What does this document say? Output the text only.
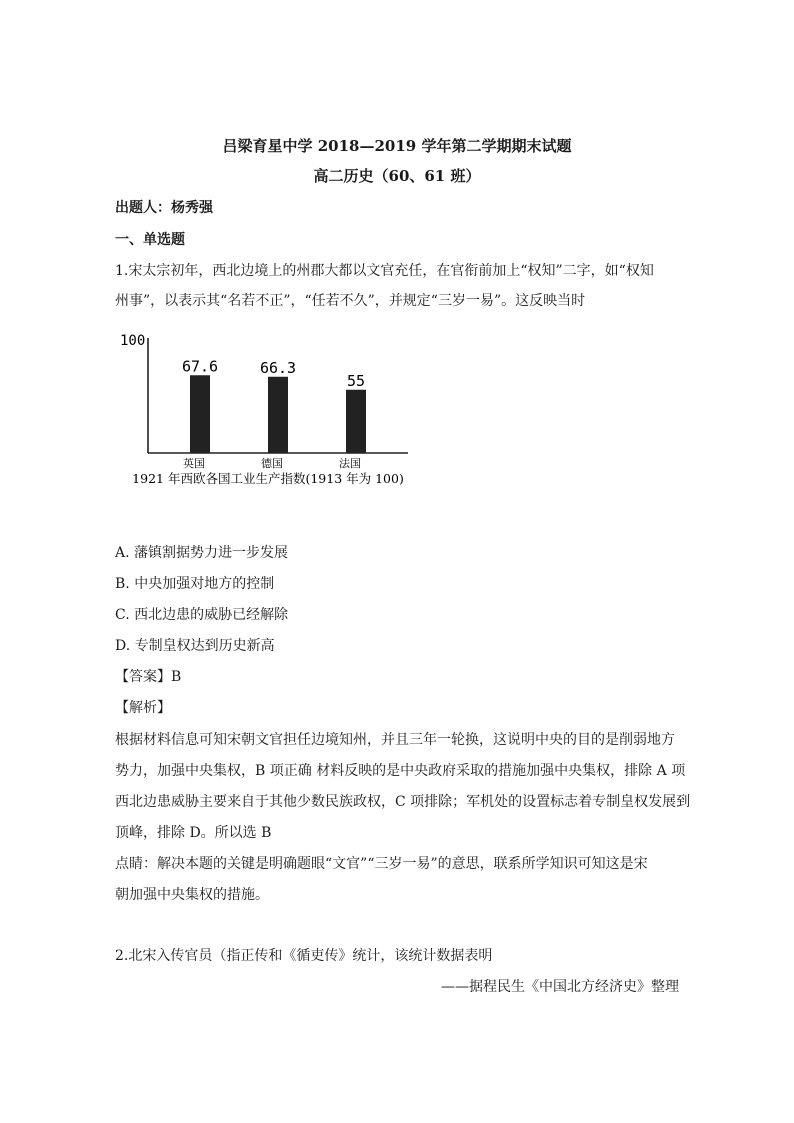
吕梁育星中学 2018—2019 学年第二学期期末试题
高二历史（60、61 班）
出题人：杨秀强
一、单选题
1.宋太宗初年，西北边境上的州郡大都以文官充任，在官衔前加上“权知”二字，如“权知
州事”，以表示其“名若不正”，“任若不久”，并规定“三岁一易”。这反映当时
100
67.6
英国
66.3
德国
55
法国
1921 年西欧各国工业生产指数(1913 年为 100)
A. 藩镇割据势力进一步发展
B. 中央加强对地方的控制
C. 西北边患的威胁已经解除
D. 专制皇权达到历史新高
【答案】B
【解析】
根据材料信息可知宋朝文官担任边境知州，并且三年一轮换，这说明中央的目的是削弱地方
势力，加强中央集权，B 项正确 材料反映的是中央政府采取的措施加强中央集权，排除 A 项
西北边患威胁主要来自于其他少数民族政权，C 项排除；军机处的设置标志着专制皇权发展到
顶峰，排除 D。所以选 B
点睛：解决本题的关键是明确题眼“文官”“三岁一易”的意思，联系所学知识可知这是宋
朝加强中央集权的措施。
2.北宋入传官员（指正传和《循吏传》统计，该统计数据表明
——据程民生《中国北方经济史》整理
